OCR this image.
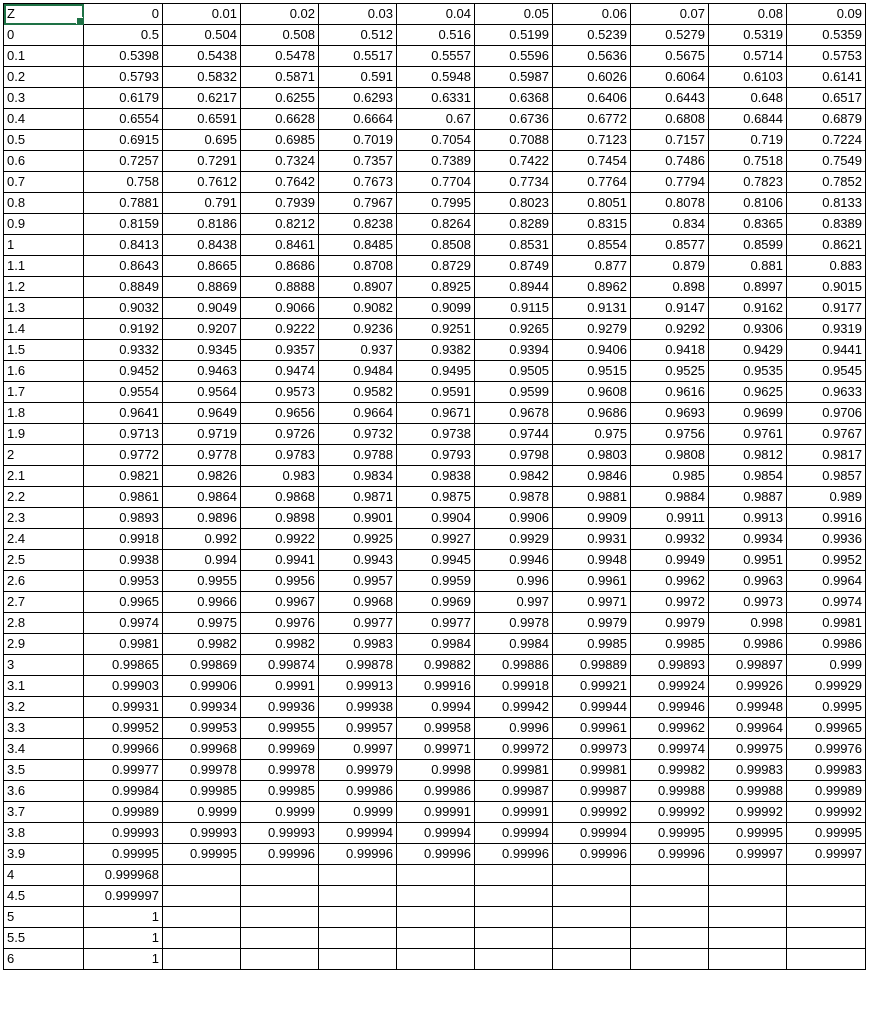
Z	0	0.01	0.02	0.03	0.04	0.05	0.06	0.07	0.08	0.09
0	0.5	0.504	0.508	0.512	0.516	0.5199	0.5239	0.5279	0.5319	0.5359
0.1	0.5398	0.5438	0.5478	0.5517	0.5557	0.5596	0.5636	0.5675	0.5714	0.5753
0.2	0.5793	0.5832	0.5871	0.591	0.5948	0.5987	0.6026	0.6064	0.6103	0.6141
0.3	0.6179	0.6217	0.6255	0.6293	0.6331	0.6368	0.6406	0.6443	0.648	0.6517
0.4	0.6554	0.6591	0.6628	0.6664	0.67	0.6736	0.6772	0.6808	0.6844	0.6879
0.5	0.6915	0.695	0.6985	0.7019	0.7054	0.7088	0.7123	0.7157	0.719	0.7224
0.6	0.7257	0.7291	0.7324	0.7357	0.7389	0.7422	0.7454	0.7486	0.7518	0.7549
0.7	0.758	0.7612	0.7642	0.7673	0.7704	0.7734	0.7764	0.7794	0.7823	0.7852
0.8	0.7881	0.791	0.7939	0.7967	0.7995	0.8023	0.8051	0.8078	0.8106	0.8133
0.9	0.8159	0.8186	0.8212	0.8238	0.8264	0.8289	0.8315	0.834	0.8365	0.8389
1	0.8413	0.8438	0.8461	0.8485	0.8508	0.8531	0.8554	0.8577	0.8599	0.8621
1.1	0.8643	0.8665	0.8686	0.8708	0.8729	0.8749	0.877	0.879	0.881	0.883
1.2	0.8849	0.8869	0.8888	0.8907	0.8925	0.8944	0.8962	0.898	0.8997	0.9015
1.3	0.9032	0.9049	0.9066	0.9082	0.9099	0.9115	0.9131	0.9147	0.9162	0.9177
1.4	0.9192	0.9207	0.9222	0.9236	0.9251	0.9265	0.9279	0.9292	0.9306	0.9319
1.5	0.9332	0.9345	0.9357	0.937	0.9382	0.9394	0.9406	0.9418	0.9429	0.9441
1.6	0.9452	0.9463	0.9474	0.9484	0.9495	0.9505	0.9515	0.9525	0.9535	0.9545
1.7	0.9554	0.9564	0.9573	0.9582	0.9591	0.9599	0.9608	0.9616	0.9625	0.9633
1.8	0.9641	0.9649	0.9656	0.9664	0.9671	0.9678	0.9686	0.9693	0.9699	0.9706
1.9	0.9713	0.9719	0.9726	0.9732	0.9738	0.9744	0.975	0.9756	0.9761	0.9767
2	0.9772	0.9778	0.9783	0.9788	0.9793	0.9798	0.9803	0.9808	0.9812	0.9817
2.1	0.9821	0.9826	0.983	0.9834	0.9838	0.9842	0.9846	0.985	0.9854	0.9857
2.2	0.9861	0.9864	0.9868	0.9871	0.9875	0.9878	0.9881	0.9884	0.9887	0.989
2.3	0.9893	0.9896	0.9898	0.9901	0.9904	0.9906	0.9909	0.9911	0.9913	0.9916
2.4	0.9918	0.992	0.9922	0.9925	0.9927	0.9929	0.9931	0.9932	0.9934	0.9936
2.5	0.9938	0.994	0.9941	0.9943	0.9945	0.9946	0.9948	0.9949	0.9951	0.9952
2.6	0.9953	0.9955	0.9956	0.9957	0.9959	0.996	0.9961	0.9962	0.9963	0.9964
2.7	0.9965	0.9966	0.9967	0.9968	0.9969	0.997	0.9971	0.9972	0.9973	0.9974
2.8	0.9974	0.9975	0.9976	0.9977	0.9977	0.9978	0.9979	0.9979	0.998	0.9981
2.9	0.9981	0.9982	0.9982	0.9983	0.9984	0.9984	0.9985	0.9985	0.9986	0.9986
3	0.99865	0.99869	0.99874	0.99878	0.99882	0.99886	0.99889	0.99893	0.99897	0.999
3.1	0.99903	0.99906	0.9991	0.99913	0.99916	0.99918	0.99921	0.99924	0.99926	0.99929
3.2	0.99931	0.99934	0.99936	0.99938	0.9994	0.99942	0.99944	0.99946	0.99948	0.9995
3.3	0.99952	0.99953	0.99955	0.99957	0.99958	0.9996	0.99961	0.99962	0.99964	0.99965
3.4	0.99966	0.99968	0.99969	0.9997	0.99971	0.99972	0.99973	0.99974	0.99975	0.99976
3.5	0.99977	0.99978	0.99978	0.99979	0.9998	0.99981	0.99981	0.99982	0.99983	0.99983
3.6	0.99984	0.99985	0.99985	0.99986	0.99986	0.99987	0.99987	0.99988	0.99988	0.99989
3.7	0.99989	0.9999	0.9999	0.9999	0.99991	0.99991	0.99992	0.99992	0.99992	0.99992
3.8	0.99993	0.99993	0.99993	0.99994	0.99994	0.99994	0.99994	0.99995	0.99995	0.99995
3.9	0.99995	0.99995	0.99996	0.99996	0.99996	0.99996	0.99996	0.99996	0.99997	0.99997
4	0.999968									
4.5	0.999997									
5	1									
5.5	1									
6	1									
